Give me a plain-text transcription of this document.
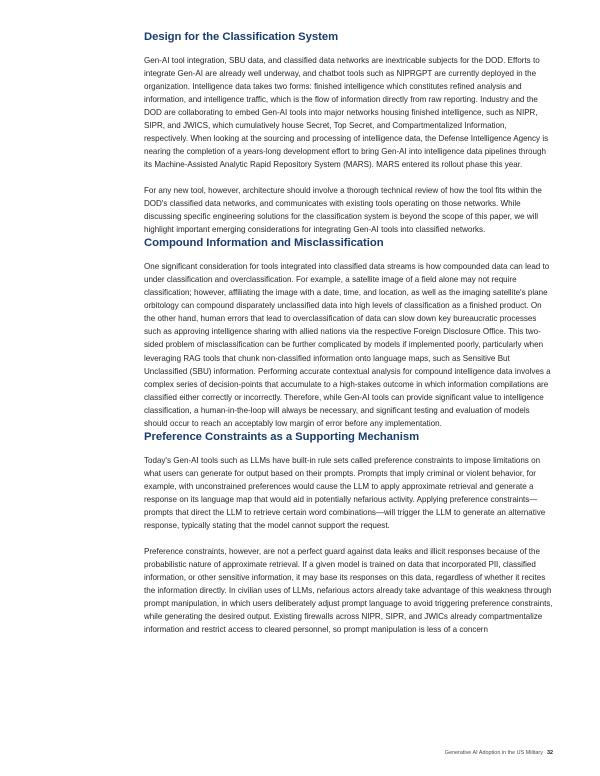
Design for the Classification System

Gen-AI tool integration, SBU data, and classified data networks are inextricable subjects for the DOD. Efforts to integrate Gen-AI are already well underway, and chatbot tools such as NIPRGPT are currently deployed in the organization. Intelligence data takes two forms: finished intelligence which constitutes refined analysis and information, and intelligence traffic, which is the flow of information directly from raw reporting. Industry and the DOD are collaborating to embed Gen-AI tools into major networks housing finished intelligence, such as NIPR, SIPR, and JWICS, which cumulatively house Secret, Top Secret, and Compartmentalized Information, respectively. When looking at the sourcing and processing of intelligence data, the Defense Intelligence Agency is nearing the completion of a years-long development effort to bring Gen-AI into intelligence data pipelines through its Machine-Assisted Analytic Rapid Repository System (MARS). MARS entered its rollout phase this year.

For any new tool, however, architecture should involve a thorough technical review of how the tool fits within the DOD's classified data networks, and communicates with existing tools operating on those networks. While discussing specific engineering solutions for the classification system is beyond the scope of this paper, we will highlight important emerging considerations for integrating Gen-AI tools into classified networks.

Compound Information and Misclassification

One significant consideration for tools integrated into classified data streams is how compounded data can lead to under classification and overclassification. For example, a satellite image of a field alone may not require classification; however, affiliating the image with a date, time, and location, as well as the imaging satellite's plane orbitology can compound disparately unclassified data into high levels of classification as a finished product. On the other hand, human errors that lead to overclassification of data can slow down key bureaucratic processes such as approving intelligence sharing with allied nations via the respective Foreign Disclosure Office. This two-sided problem of misclassification can be further complicated by models if implemented poorly, particularly when leveraging RAG tools that chunk non-classified information onto language maps, such as Sensitive But Unclassified (SBU) information. Performing accurate contextual analysis for compound intelligence data involves a complex series of decision-points that accumulate to a high-stakes outcome in which information compilations are classified either correctly or incorrectly. Therefore, while Gen-AI tools can provide significant value to intelligence classification, a human-in-the-loop will always be necessary, and significant testing and evaluation of models should occur to reach an acceptably low margin of error before any implementation.

Preference Constraints as a Supporting Mechanism

Today's Gen-AI tools such as LLMs have built-in rule sets called preference constraints to impose limitations on what users can generate for output based on their prompts. Prompts that imply criminal or violent behavior, for example, with unconstrained preferences would cause the LLM to apply approximate retrieval and generate a response on its language map that would aid in potentially nefarious activity. Applying preference constraints—prompts that direct the LLM to retrieve certain word combinations—will trigger the LLM to generate an alternative response, typically stating that the model cannot support the request.

Preference constraints, however, are not a perfect guard against data leaks and illicit responses because of the probabilistic nature of approximate retrieval. If a given model is trained on data that incorporated PII, classified information, or other sensitive information, it may base its responses on this data, regardless of whether it recites the information directly. In civilian uses of LLMs, nefarious actors already take advantage of this weakness through prompt manipulation, in which users deliberately adjust prompt language to avoid triggering preference constraints, while generating the desired output. Existing firewalls across NIPR, SIPR, and JWICs already compartmentalize information and restrict access to cleared personnel, so prompt manipulation is less of a concern

Generative AI Adoption in the US Military 32
